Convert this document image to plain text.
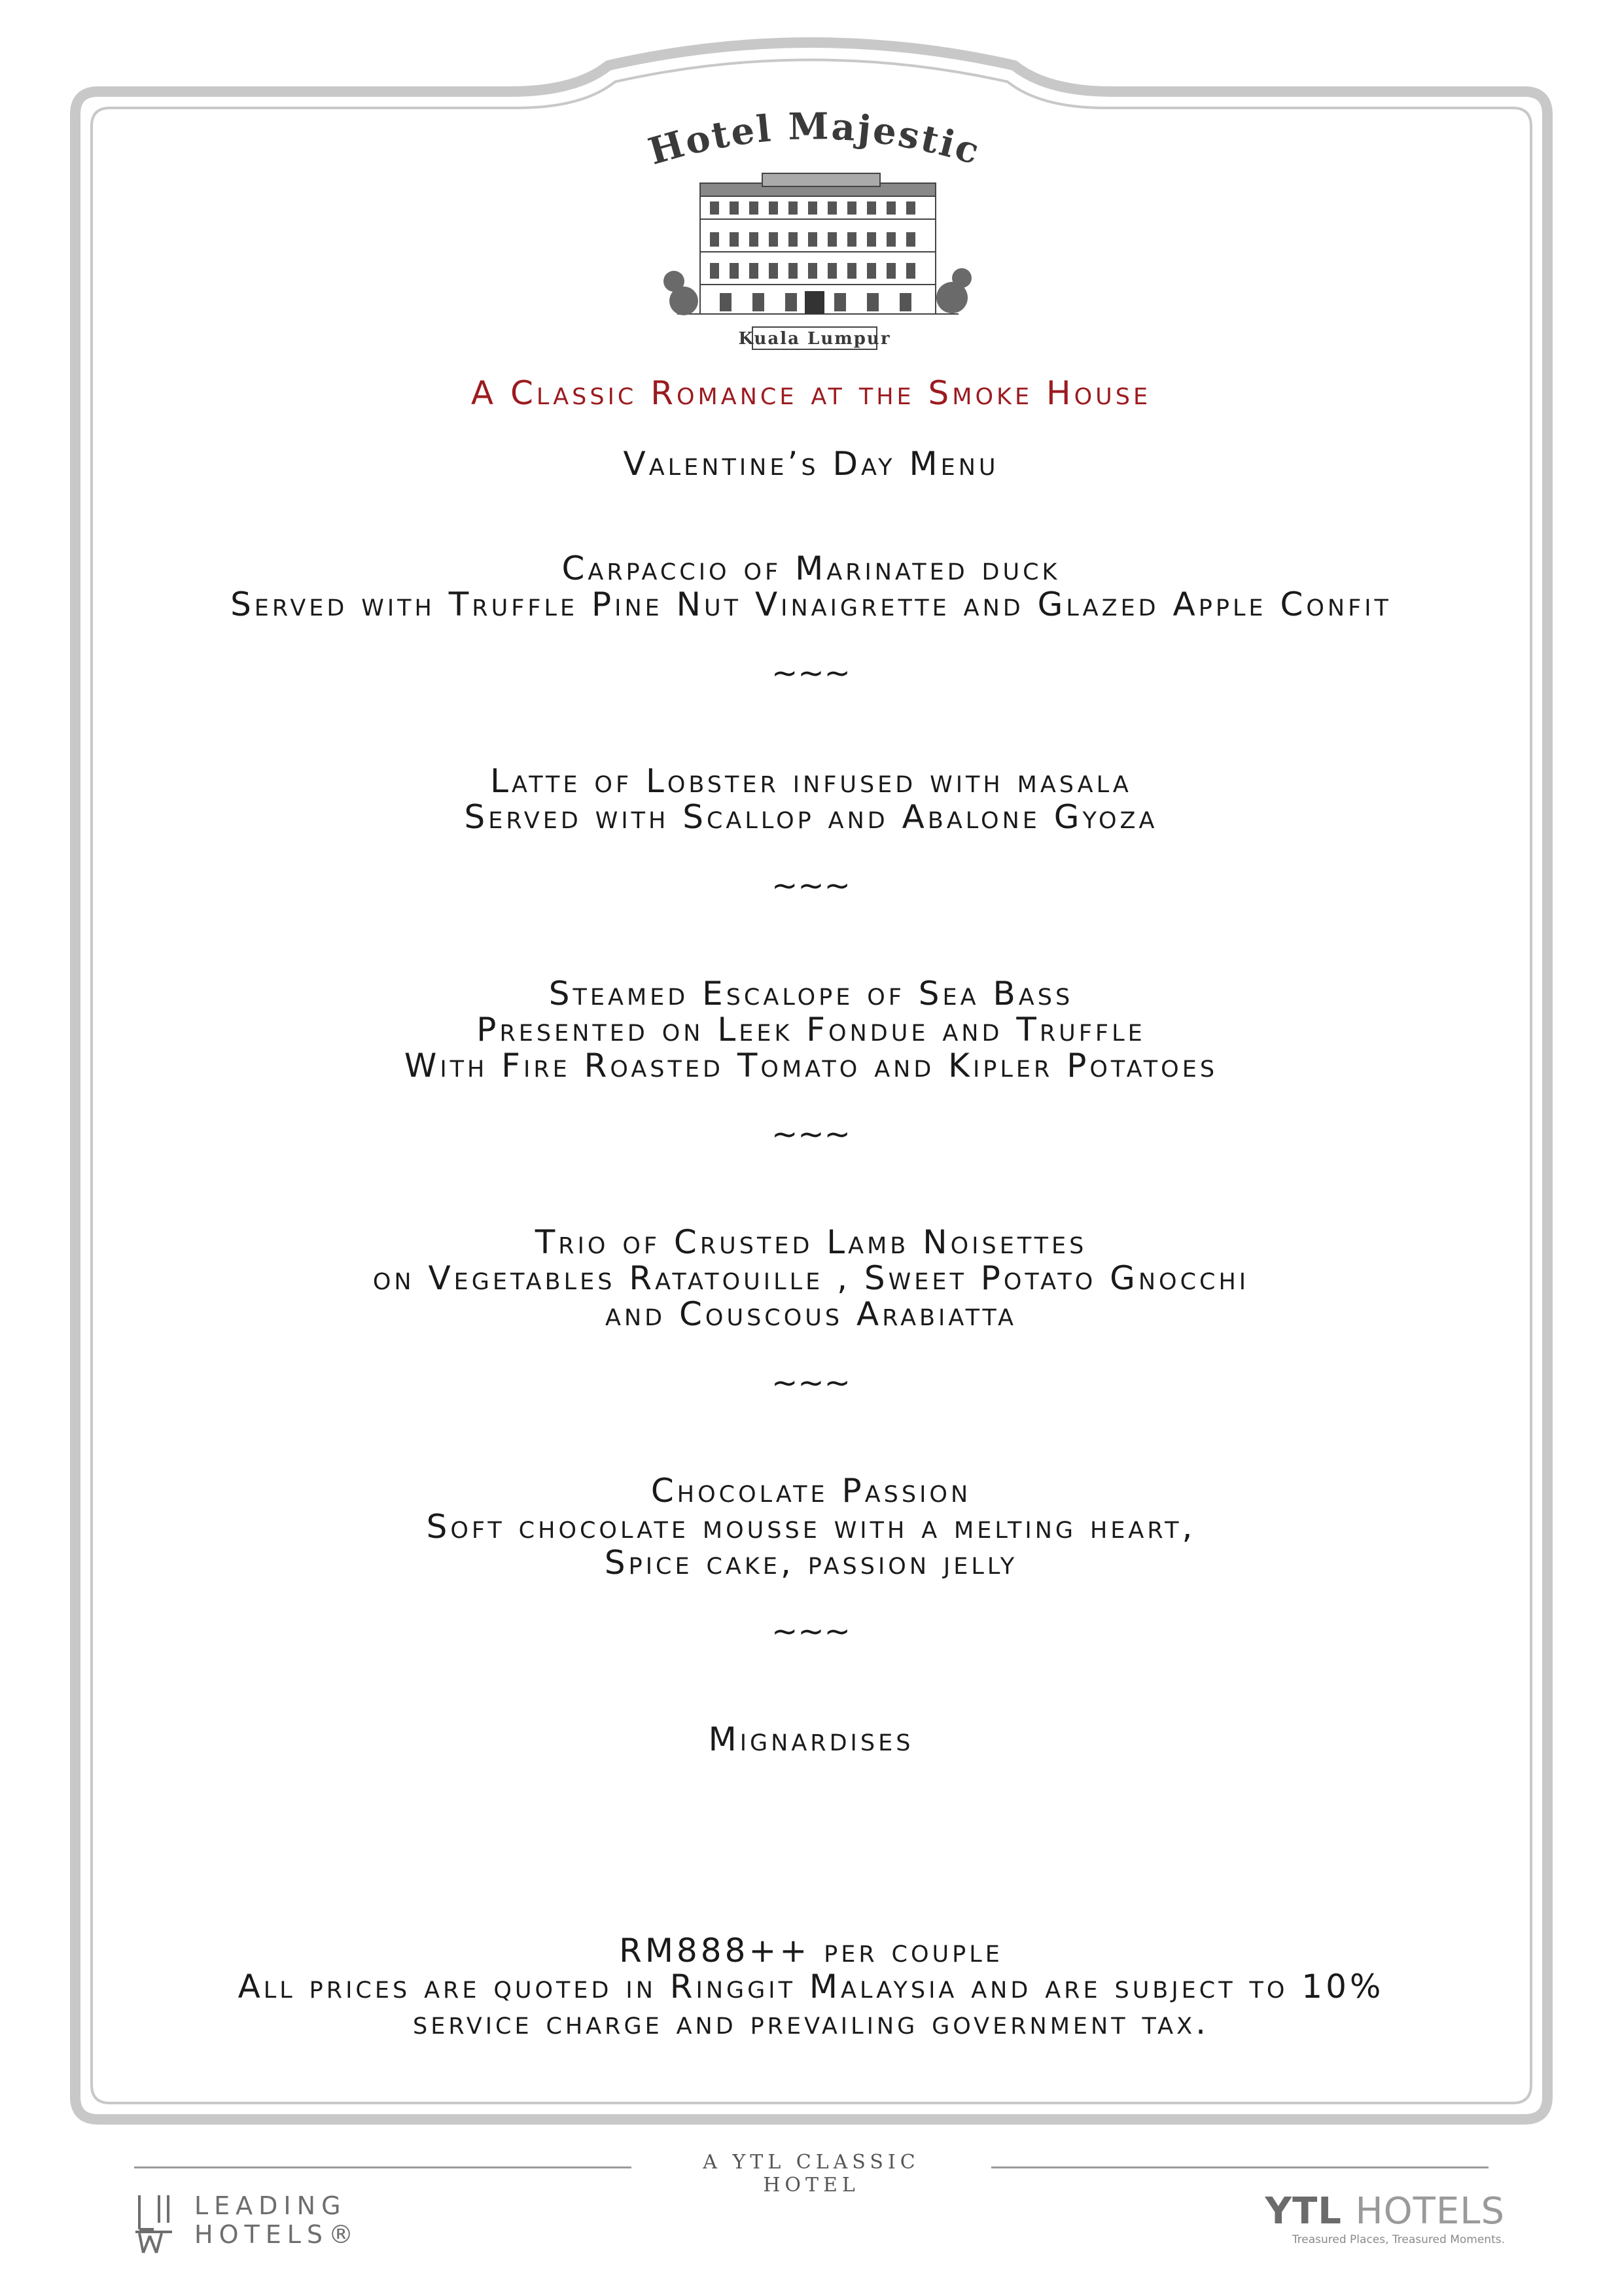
Hotel Majestic
Kuala Lumpur
A Classic Romance at the Smoke House
Valentine’s Day Menu
Carpaccio of Marinated duck
Served with Truffle Pine Nut Vinaigrette and Glazed Apple Confit
~~~
Latte of Lobster infused with masala
Served with Scallop and Abalone Gyoza
~~~
Steamed Escalope of Sea Bass
Presented on Leek Fondue and Truffle
With Fire Roasted Tomato and Kipler Potatoes
~~~
Trio of Crusted Lamb Noisettes
on Vegetables Ratatouille , Sweet Potato Gnocchi
and Couscous Arabiatta
~~~
Chocolate Passion
Soft chocolate mousse with a melting heart,
Spice cake, passion jelly
~~~
Mignardises
RM888++ per couple
All prices are quoted in Ringgit Malaysia and are subject to 10%
service charge and prevailing government tax.
A YTL CLASSIC HOTEL
LEADING
HOTELS®
YTL HOTELS
Treasured Places, Treasured Moments.
